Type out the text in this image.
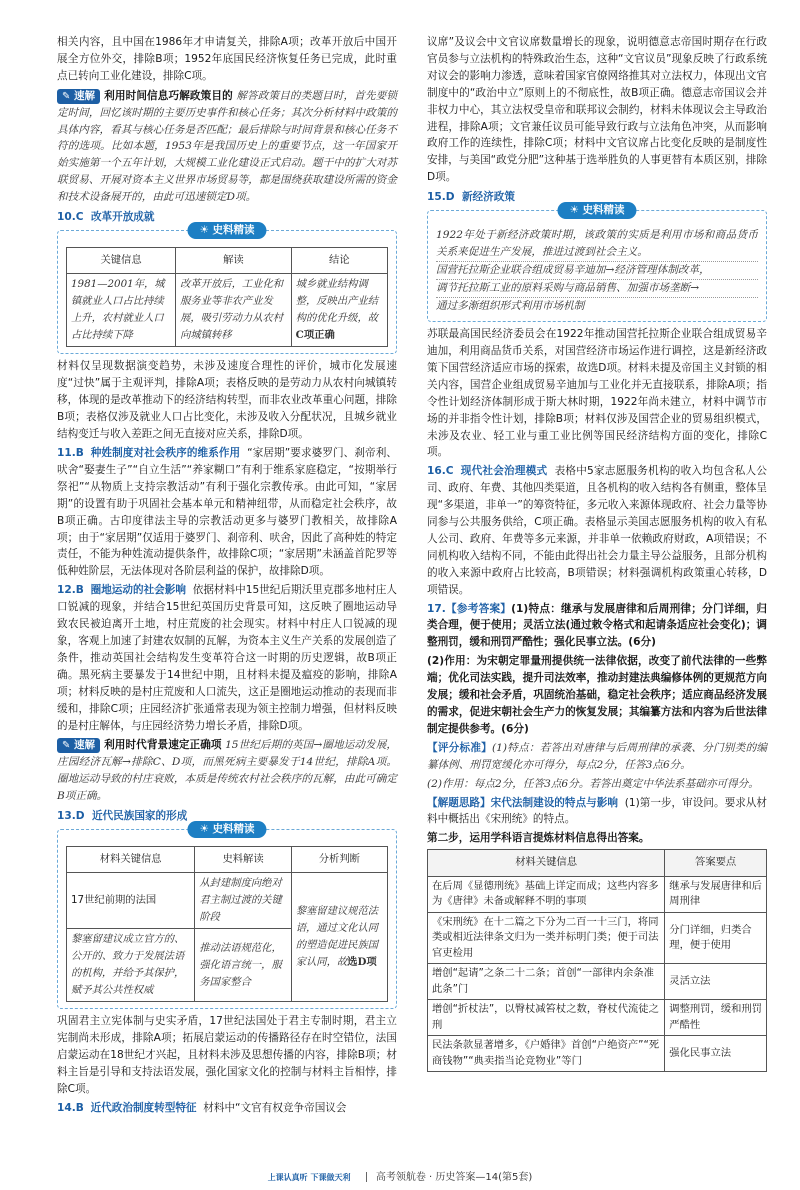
相关内容，且中国在1986年才申请复关，排除A项；改革开放后中国开展全方位外交，排除B项；1952年底国民经济恢复任务已完成，此时重点已转向工业化建设，排除C项。

✎ 速解 利用时间信息巧解政策目的 解答政策目的类题目时，首先要锁定时间，回忆该时期的主要历史事件和核心任务；其次分析材料中政策的具体内容，看其与核心任务是否匹配；最后排除与时间背景和核心任务不符的选项。比如本题，1953年是我国历史上的重要节点，这一年国家开始实施第一个五年计划，大规模工业化建设正式启动。题干中的扩大对苏联贸易、开展对资本主义世界市场贸易等，都是围绕获取建设所需的资金和技术设备展开的，由此可迅速锁定D项。

10.C 改革开放成就

☀ 史料精读
关键信息	解读	结论
1981—2001年，城镇就业人口占比持续上升，农村就业人口占比持续下降	改革开放后，工业化和服务业等非农产业发展，吸引劳动力从农村向城镇转移	城乡就业结构调整，反映出产业结构的优化升级，故C项正确

材料仅呈现数据演变趋势，未涉及速度合理性的评价，城市化发展速度“过快”属于主观评判，排除A项；表格反映的是劳动力从农村向城镇转移，体现的是改革推动下的经济结构转型，而非农业改革重心问题，排除B项；表格仅涉及就业人口占比变化，未涉及收入分配状况，且城乡就业结构变迁与收入差距之间无直接对应关系，排除D项。

11.B 种姓制度对社会秩序的维系作用 “家居期”要求婆罗门、刹帝利、吠舍“娶妻生子”“自立生活”“养家糊口”有利于维系家庭稳定，“按期举行祭祀”“从物质上支持宗教活动”有利于强化宗教传承。由此可知，“家居期”的设置有助于巩固社会基本单元和精神纽带，从而稳定社会秩序，故B项正确。古印度律法主导的宗教活动更多与婆罗门教相关，故排除A项；由于“家居期”仅适用于婆罗门、刹帝利、吠舍，因此了高种姓的特定责任，不能为种姓流动提供条件，故排除C项；“家居期”未涵盖首陀罗等低种姓阶层，无法体现对各阶层利益的保护，故排除D项。

12.B 圈地运动的社会影响 依据材料中15世纪后期沃里克郡多地村庄人口锐减的现象，并结合15世纪英国历史背景可知，这反映了圈地运动导致农民被迫离开土地，村庄荒废的社会现实。材料中村庄人口锐减的现象，客观上加速了封建农奴制的瓦解，为资本主义生产关系的发展创造了条件，推动英国社会结构发生变革符合这一时期的历史逻辑，故B项正确。黑死病主要暴发于14世纪中期，且材料未提及瘟疫的影响，排除A项；材料反映的是村庄荒废和人口流失，这正是圈地运动推动的表现而非缓和，排除C项；庄园经济扩张通常表现为领主控制力增强，但材料反映的是村庄解体，与庄园经济势力增长矛盾，排除D项。

✎ 速解 利用时代背景速定正确项 15世纪后期的英国→圈地运动发展，庄园经济瓦解→排除C、D项，而黑死病主要暴发于14世纪，排除A项。圈地运动导致的村庄衰败，本质是传统农村社会秩序的瓦解，由此可确定B项正确。

13.D 近代民族国家的形成

☀ 史料精读
材料关键信息	史料解读	分析判断
17世纪前期的法国	从封建制度向绝对君主制过渡的关键阶段	黎塞留建议规范法语，通过文化认同的塑造促进民族国家认同，故选D项
黎塞留建议成立官方的、公开的、致力于发展法语的机构，并给予其保护，赋予其公共性权威	推动法语规范化，强化语言统一，服务国家整合	

巩固君主立宪体制与史实矛盾，17世纪法国处于君主专制时期，君主立宪制尚未形成，排除A项；拓展启蒙运动的传播路径存在时空错位，法国启蒙运动在18世纪才兴起，且材料未涉及思想传播的内容，排除B项；材料主旨是引导和支持法语发展，强化国家文化的控制与材料主旨相悖，排除C项。

14.B 近代政治制度转型特征 材料中“文官有权竞争帝国议会

议席”及议会中文官议席数量增长的现象，说明德意志帝国时期存在行政官员参与立法机构的特殊政治生态，这种“文官议员”现象反映了行政系统对议会的影响力渗透，意味着国家官僚网络推其对立法权力，体现出文官制度中的“政治中立”原则上的不彻底性，故B项正确。德意志帝国议会并非权力中心，其立法权受皇帝和联邦议会制约，材料未体现议会主导政治进程，排除A项；文官兼任议员可能导致行政与立法角色冲突，从而影响政府工作的连续性，排除C项；材料中文官议席占比变化反映的是制度性安排，与美国“政党分肥”这种基于选举胜负的人事更替有本质区别，排除D项。

15.D 新经济政策

☀ 史料精读

1922年处于新经济政策时期，该政策的实质是利用市场和商品货币关系来促进生产发展，推进过渡到社会主义。

国营托拉斯企业联合组成贸易辛迪加→经济管理体制改革，

调节托拉斯工业的原料采购与商品销售、加强市场垄断→

通过多渐组织形式利用市场机制

苏联最高国民经济委员会在1922年推动国营托拉斯企业联合组成贸易辛迪加，利用商品货币关系，对国营经济市场运作进行调控，这是新经济政策下国营经济适应市场的探索，故选D项。材料未提及帝国主义封锁的相关内容，国营企业组成贸易辛迪加与工业化并无直接联系，排除A项；指令性计划经济体制形成于斯大林时期，1922年尚未建立，材料中调节市场的并非指令性计划，排除B项；材料仅涉及国营企业的贸易组织模式，未涉及农业、轻工业与重工业比例等国民经济结构方面的变化，排除C项。

16.C 现代社会治理模式 表格中5家志愿服务机构的收入均包含私人公司、政府、年费、其他四类渠道，且各机构的收入结构各有侧重，整体呈现“多渠道，非单一”的筹资特征，多元收入来源体现政府、社会力量等协同参与公共服务供给，C项正确。表格显示美国志愿服务机构的收入有私人公司、政府、年费等多元来源，并非单一依赖政府财政，A项错误；不同机构收入结构不同，不能由此得出社会力量主导公益服务，且部分机构的收入来源中政府占比较高，B项错误；材料强调机构政策重心转移，D项错误。

17.【参考答案】(1)特点：继承与发展唐律和后周刑律；分门详细，归类合理，便于使用；灵活立法(通过敕令格式和起请条适应社会变化)；调整刑罚，缓和刑罚严酷性；强化民事立法。(6分)

(2)作用：为宋朝定罪量刑提供统一法律依据，改变了前代法律的一些弊端；优化司法实践，提升司法效率，推动封建法典编修体例的更规范方向发展；缓和社会矛盾，巩固统治基础，稳定社会秩序；适应商品经济发展的需求，促进宋朝社会生产力的恢复发展；其编纂方法和内容为后世法律制定提供参考。(6分)

【评分标准】(1)特点：若答出对唐律与后周刑律的承袭、分门别类的编纂体例、刑罚宽缓化亦可得分，每点2分，任答3点6分。

(2)作用：每点2分，任答3点6分。若答出奠定中华法系基础亦可得分。

【解题思路】宋代法制建设的特点与影响 (1)第一步，审设问。要求从材料中概括出《宋刑统》的特点。

第二步，运用学科语言提炼材料信息得出答案。

材料关键信息	答案要点
在后周《显德刑统》基础上详定而成；这些内容多为《唐律》未备或解释不明的事项	继承与发展唐律和后周刑律
《宋刑统》在十二篇之下分为二百一十三门，将同类或相近法律条文归为一类并标明门类；便于司法官吏检用	分门详细，归类合理，便于使用
增创“起请”之条二十二条；首创“一部律内余条准此条”门	灵活立法
增创“折杖法”，以臀杖减笞杖之数，脊杖代流徒之刑	调整刑罚，缓和刑罚严酷性
民法条款显著增多，《户婚律》首创“户绝资产”“死商钱物”“典卖指当论竞物业”等门	强化民事立法
上课认真听 下课做天利	高考领航卷 · 历史答案—14(第5套)
